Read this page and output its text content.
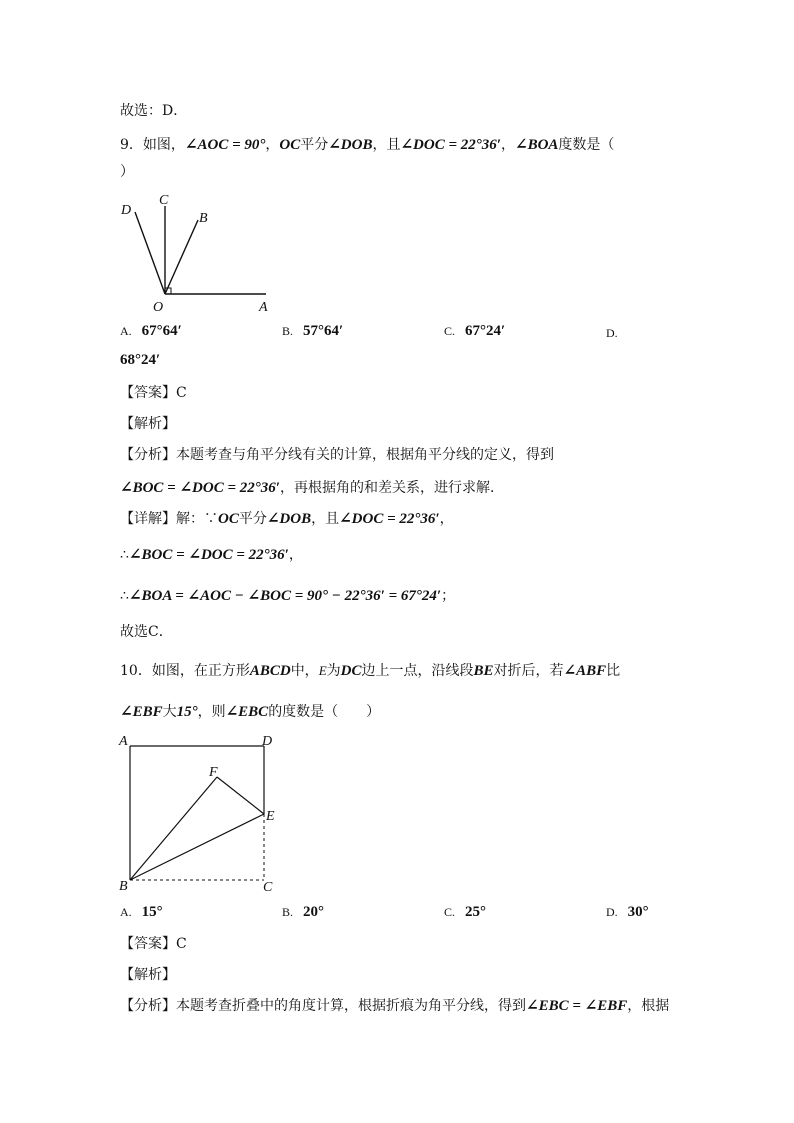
故选：D．
9．如图，∠AOC = 90°，OC平分∠DOB，且∠DOC = 22°36′，∠BOA度数是（
）
D
C
B
O	A
A. 67°64′	B. 57°64′	C. 67°24′	D.
68°24′
【答案】C
【解析】
【分析】本题考查与角平分线有关的计算，根据角平分线的定义，得到
∠BOC = ∠DOC = 22°36′，再根据角的和差关系，进行求解．
【详解】解：∵OC平分∠DOB，且∠DOC = 22°36′，
∴∠BOC = ∠DOC = 22°36′，
∴∠BOA = ∠AOC − ∠BOC = 90° − 22°36′ = 67°24′；
故选C．
10．如图，在正方形ABCD中，E为DC边上一点，沿线段BE对折后，若∠ABF比
∠EBF大15°，则∠EBC的度数是（　　）
A	D
F
E
B	C
A. 15°	B. 20°	C. 25°	D. 30°
【答案】C
【解析】
【分析】本题考查折叠中的角度计算，根据折痕为角平分线，得到∠EBC = ∠EBF，根据
